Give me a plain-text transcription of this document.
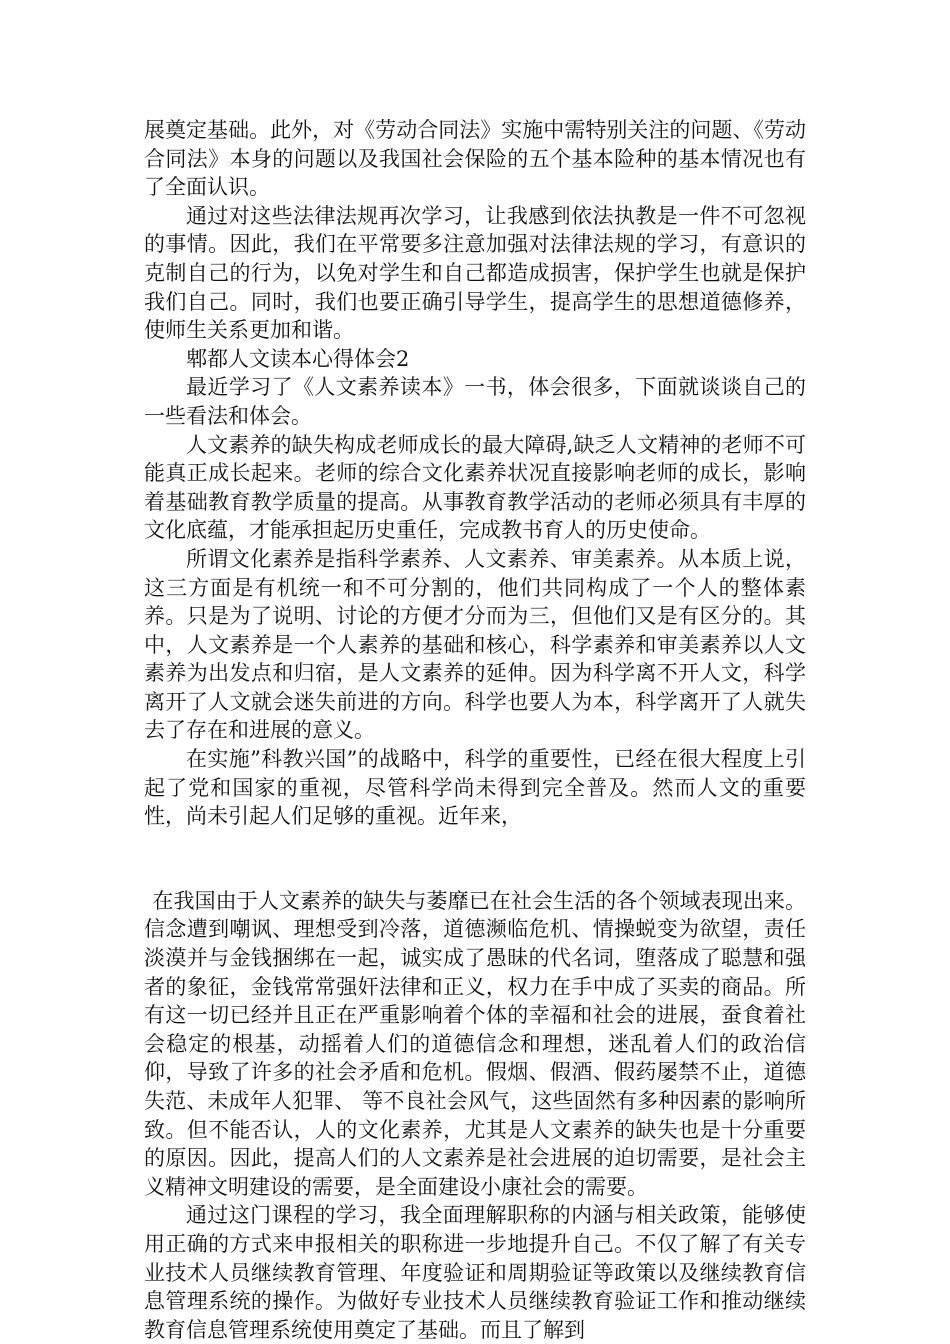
展奠定基础。此外，对《劳动合同法》实施中需特别关注的问题、《劳动合同法》本身的问题以及我国社会保险的五个基本险种的基本情况也有了全面认识。

通过对这些法律法规再次学习，让我感到依法执教是一件不可忽视的事情。因此，我们在平常要多注意加强对法律法规的学习，有意识的克制自己的行为，以免对学生和自己都造成损害，保护学生也就是保护我们自己。同时，我们也要正确引导学生，提高学生的思想道德修养，使师生关系更加和谐。

郫都人文读本心得体会2

最近学习了《人文素养读本》一书，体会很多，下面就谈谈自己的一些看法和体会。

人文素养的缺失构成老师成长的最大障碍,缺乏人文精神的老师不可能真正成长起来。老师的综合文化素养状况直接影响老师的成长，影响着基础教育教学质量的提高。从事教育教学活动的老师必须具有丰厚的文化底蕴，才能承担起历史重任，完成教书育人的历史使命。

所谓文化素养是指科学素养、人文素养、审美素养。从本质上说，这三方面是有机统一和不可分割的，他们共同构成了一个人的整体素养。只是为了说明、讨论的方便才分而为三，但他们又是有区分的。其中，人文素养是一个人素养的基础和核心，科学素养和审美素养以人文素养为出发点和归宿，是人文素养的延伸。因为科学离不开人文，科学离开了人文就会迷失前进的方向。科学也要人为本，科学离开了人就失去了存在和进展的意义。

在实施”科教兴国”的战略中，科学的重要性，已经在很大程度上引起了党和国家的重视，尽管科学尚未得到完全普及。然而人文的重要性，尚未引起人们足够的重视。近年来，

在我国由于人文素养的缺失与萎靡已在社会生活的各个领域表现出来。信念遭到嘲讽、理想受到冷落，道德濒临危机、情操蜕变为欲望，责任淡漠并与金钱捆绑在一起，诚实成了愚昧的代名词，堕落成了聪慧和强者的象征，金钱常常强奸法律和正义，权力在手中成了买卖的商品。所有这一切已经并且正在严重影响着个体的幸福和社会的进展，蚕食着社会稳定的根基，动摇着人们的道德信念和理想，迷乱着人们的政治信仰，导致了许多的社会矛盾和危机。假烟、假酒、假药屡禁不止，道德失范、未成年人犯罪、 等不良社会风气，这些固然有多种因素的影响所致。但不能否认，人的文化素养，尤其是人文素养的缺失也是十分重要的原因。因此，提高人们的人文素养是社会进展的迫切需要，是社会主义精神文明建设的需要，是全面建设小康社会的需要。

通过这门课程的学习，我全面理解职称的内涵与相关政策，能够使用正确的方式来申报相关的职称进一步地提升自己。不仅了解了有关专业技术人员继续教育管理、年度验证和周期验证等政策以及继续教育信息管理系统的操作。为做好专业技术人员继续教育验证工作和推动继续教育信息管理系统使用奠定了基础。而且了解到
